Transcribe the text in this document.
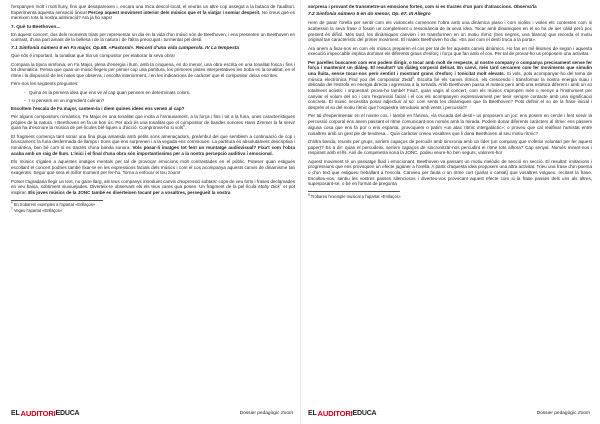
l'empanyen molt i molt lluny, fins que desapareixen i, encara una mica descol·locat, el veuràs un altre cop assegut a la butaca de l'auditori. Experimenta aquesta sensació única! Percep aquest moviment interior dels músics que et fa viatjar i somiar desperit. No creus que es mereixen tota la nostra admiració? Ara ja ho saps!

7. Què tu Beethoven...

En aquest concert, dos dels moments triats per representar un dia en la vida d'un músic són de Beethoven, i ens presenten un Beethoven en contrast, d'una part amant de la bellesa i de la natura i de l'altra preocupat i turmentat pel destí.

7.1 Simfonia número 6 en Fa major, Op.68. «Pastoral». Record d'una vida camperola. IV La tempesta

Que nõs é important, la tonalitat que tria un compositor per elaborar la seva obra!

Compara la típica simfonia, en Fa Major, plena d'energia i llum, amb la cinquena, en do menor, una obra escrita en una tonalitat fosca i fins i tot dramàtica. Pensa que quan un músic llegeix per primer cop una partitura, les primeres pistes interpretatives les troba en la tonalitat, en el ritme i la disposició de les notes que observa, i escolta interiorment, i en les indicacions de caràcter que el compositor deixa escrites.

Fem-nos les següents preguntes:

- Quina és la primera idea que ens ve al cap quan pensem en determinats colors.
- I si pensem en un ingredient culinari?
Escoltem l'escala de Fa major, cantem-la i diem quines idees ens venen al cap?

Per alguns compositors romàntics, Fa Major és una tonalitat que incita a l'arrauxament, a la força i fins i tot a la furia, unes característiques pròpies de la natura. I Beethoven en fa un bon ús. Per això és una tonalitat que el compositor de bandes sonores Hans Zimmer la fa servir quan ha d'escriure la música de pel·lícules bèl·liques o d'acció. Compronva-ho si vols$^6$.

El fragment comença tant sonar una fina pluja amanida amb petits sons amenaçadors, preàmbul del que semblem a continuació de cop i bruscament: la furia desfermada de llamps i trons que ens sorprenen i a la vegada ens commouen. La partitura és absolutament descriptiva i romàntica, ben bé com si es tractés d'una banda sonora. Vols posar-li imatges tot fent un muntatge audiovisual? Fixa't com l'obra acaba amb un raig de llum. L'inici i el final d'una obra són importantíssims per a la nostra percepció auditiva i emocional.

Els músics s'igalen a aquestes imatges mentals per tal de provocar emocions molt contrastades en el públic. Poteser quan estigués escoltant el concert podries també fixar-te en les expressions facials dels músics i com el cos acompanya aquests canvis de dinamisme tan exagerats. Segur que sera el millor moment per fer-ho. Torna a enfocar el teu zoom!

Potser t'agradaria llegir un text, no gaire llarg, als teus companys introduint canvis d'expressió sobtats: cops de veu forts i frases declamades en veu baixa, sobtiment xiuxiuejades. Diverteix-te observant els els teus cares qua posen. Un fragment de la pel·lícula Moby Dick$^7$ et pot inspirar. Els joves músics de la JONC també es diverteixen tocant per a vosaltres, persegueit la vostra

$^6$ En trobarem exemples a l'apartat «Enllaços»

$^7$ Vegeu l'apartat «Enllaços»

EL AUDITORI EDUCA	Dossier pedagògic Zoom

sorpresa i provant de transmetre-us emocions fortes, com si es tractés d'un parc d'atraccions. Observa'la

7.2 Simfonia número 5 en do menor, Op. 67. III Allegro

Hem de parar l'orella per sentir com els violoncels comencen l'obra amb una dinàmica piano i com violins i violes els contesten com si acabessin la seva frase o fossin un complement o ressonància de la seva idea. Tocar amb dinamiques en el so ha de ser càlid però poc present és difícil. Més tard, les dinàmiques canvien i es transformen en un motiu rítmic (tres negres, una blanca) que recorda el motiu original tan característic del primer moviment. El mateix Beethoven ho diu: «Es així com el destí truca a la porta».

Ara anem a fixar-nos en com els músics preparen el cos per tal de fer aquests canvis dinàmics. Ho fan en mil·lèsimes de segon i aquesta execució impeccable implica dominar els diferents graus d'esforç i força que fan amb el cos. Per tal de provar-ho us proposem una activitat.

Per parelles buscarem com ens podem dirigir, o tocar amb molt de respecte, al nostre company o companya precisament sense fer força i mantenint un diàleg. El resultat? Un diàleg corporal delicat. En canvi, més tard cercarem com fer moviments que simulin una lluita, sense tocar-nos però sentint i mostrant grans d'esforç i tonicitat molt elevats. Si vols, pots acompanyar-ho del tema de música electrònica Find you del compositor Zedd$^8$. Escolta bé els canvis rítmics, els crescendo i transformar la nostra energia suau i delicada del l'estrofa en energia directa i agressiva a la tornada. Amb Beethoven passa el mateix però amb una estètica diferent i amb un so totalment acústic i orquestral: prova-ho també! Fixa't, quan vagis al concert, com els músics s'apropen més o menys a l'instrument per canviar el volum del so i com l'expressió facial i el cos els acompanyen expressivament per tenir sempre contacte amb una significació concreta. El músic necessita posar adjectius al so: com sents les dinàmiques que fa Beethoven? Pots definir el so de la frase inicial i després el so del motiu rítmic que l'orquestra introdueix amb vents i percussió?

Per tal d'experimentar en el nostre cos, i també en l'ànima, «la trucada del destí» us proposem un joc: ens posem en cercle i fent servir la percussió corporal ens anem passant el ritme comunicant-nos només amb la mirada. Podem donar diferents caràcters al ritme: ens passem alguna cosa que ens fa por o ens espanta; provoquem o patim «un atac rítmic intergalàctic»; o proveu que cal realfinar l'amistat entre nosaltres amb un gest ple de tendresa... Quin caràcter creieu vosaltres que li dona Beethoven al seu motiu rítmic?

D'altra banda, reunits per grups, seríem capaços de percudir amb sincronia amb un líder (un company que s'oferixi voluntari per fer aquest paper)? Es a dir: quan el percudeixi, seríem capaços de sincronitzar-nos percudint el ritme tots alhora? Cap senyal. Només mirant-nos i respirant amb el·lls. Així de compenetra sona la JONC, podeu veure-ho ben segurs, valorem-ho!

Aquest moviment té un passatge fluid i emocionant. Beethoven va passant un motiu melòdic de secció en secció. El resultat: imitacions i progressions que ens provoquen un efecte juganer a l'orella. A partir d'aquesta idea proposem una altra activitat. Trieu una frase d'un poema o d'un text que estigueu treballant a l'escola. Canvieu per fauta o un ritme curt (parlat o cantat) que vosaltres volgueu, recitant la frase. Escolteu-vos, sentiu les vostres passes silenciosos i diverteu-vos provocant aquest efecte com si la frase passés dels uns als altres, superposant-se, o bé en format de pregunta

$^8$ Trobareu l'exemple musical a l'apartat «Enllaços»

EL AUDITORI EDUCA	Dossier pedagògic Zoom
